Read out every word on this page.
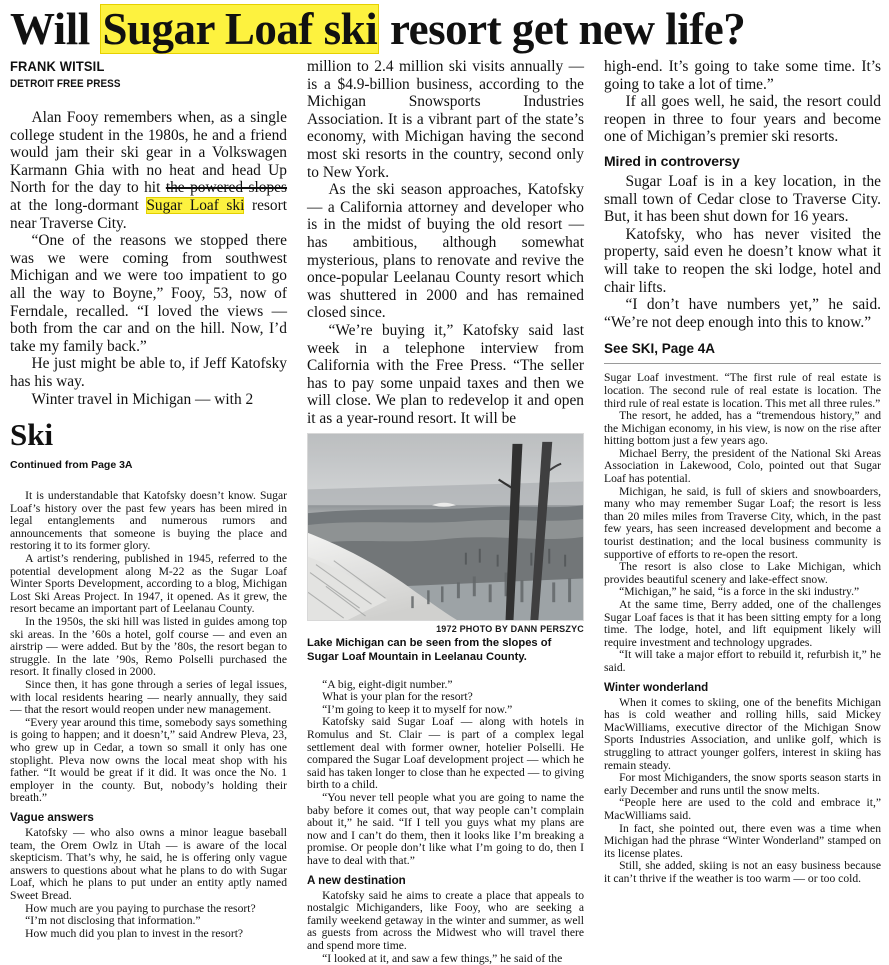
Will Sugar Loaf ski resort get new life?
FRANK WITSIL
DETROIT FREE PRESS

Alan Fooy remembers when, as a single college student in the 1980s, he and a friend would jam their ski gear in a Volkswagen Karmann Ghia with no heat and head Up North for the day to hit the powered slopes at the long-dormant Sugar Loaf ski resort near Traverse City.

“One of the reasons we stopped there was we were coming from southwest Michigan and we were too impatient to go all the way to Boyne,” Fooy, 53, now of Ferndale, recalled. “I loved the views — both from the car and on the hill. Now, I’d take my family back.”

He just might be able to, if Jeff Katofsky has his way.

Winter travel in Michigan — with 2

Ski
Continued from Page 3A

It is understandable that Katofsky doesn’t know. Sugar Loaf’s history over the past few years has been mired in legal entanglements and numerous rumors and announcements that someone is buying the place and restoring it to its former glory.

A artist’s rendering, published in 1945, referred to the potential development along M-22 as the Sugar Loaf Winter Sports Development, according to a blog, Michigan Lost Ski Areas Project. In 1947, it opened. As it grew, the resort became an important part of Leelanau County.

In the 1950s, the ski hill was listed in guides among top ski areas. In the ’60s a hotel, golf course — and even an airstrip — were added. But by the ’80s, the resort began to struggle. In the late ’90s, Remo Polselli purchased the resort. It finally closed in 2000.

Since then, it has gone through a series of legal issues, with local residents hearing — nearly annually, they said — that the resort would reopen under new management.

“Every year around this time, somebody says something is going to happen; and it doesn’t,” said Andrew Pleva, 23, who grew up in Cedar, a town so small it only has one stoplight. Pleva now owns the local meat shop with his father. “It would be great if it did. It was once the No. 1 employer in the county. But, nobody’s holding their breath.”

Vague answers

Katofsky — who also owns a minor league baseball team, the Orem Owlz in Utah — is aware of the local skepticism. That’s why, he said, he is offering only vague answers to questions about what he plans to do with Sugar Loaf, which he plans to put under an entity aptly named Sweet Bread.

How much are you paying to purchase the resort?

“I’m not disclosing that information.”

How much did you plan to invest in the resort?

million to 2.4 million ski visits annually — is a $4.9-billion business, according to the Michigan Snowsports Industries Association. It is a vibrant part of the state’s economy, with Michigan having the second most ski resorts in the country, second only to New York.

As the ski season approaches, Katofsky — a California attorney and developer who is in the midst of buying the old resort — has ambitious, although somewhat mysterious, plans to renovate and revive the once-popular Leelanau County resort which was shuttered in 2000 and has remained closed since.

“We’re buying it,” Katofsky said last week in a telephone interview from California with the Free Press. “The seller has to pay some unpaid taxes and then we will close. We plan to redevelop it and open it as a year-round resort. It will be

1972 PHOTO BY DANN PERSZYC
Lake Michigan can be seen from the slopes of Sugar Loaf Mountain in Leelanau County.

“A big, eight-digit number.”

What is your plan for the resort?

“I’m going to keep it to myself for now.”

Katofsky said Sugar Loaf — along with hotels in Romulus and St. Clair — is part of a complex legal settlement deal with former owner, hotelier Polselli. He compared the Sugar Loaf development project — which he said has taken longer to close than he expected — to giving birth to a child.

“You never tell people what you are going to name the baby before it comes out, that way people can’t complain about it,” he said. “If I tell you guys what my plans are now and I can’t do them, then it looks like I’m breaking a promise. Or people don’t like what I’m going to do, then I have to deal with that.”

A new destination

Katofsky said he aims to create a place that appeals to nostalgic Michiganders, like Fooy, who are seeking a family weekend getaway in the winter and summer, as well as guests from across the Midwest who will travel there and spend more time.

“I looked at it, and saw a few things,” he said of the

high-end. It’s going to take some time. It’s going to take a lot of time.”

If all goes well, he said, the resort could reopen in three to four years and become one of Michigan’s premier ski resorts.

Mired in controversy

Sugar Loaf is in a key location, in the small town of Cedar close to Traverse City. But, it has been shut down for 16 years.

Katofsky, who has never visited the property, said even he doesn’t know what it will take to reopen the ski lodge, hotel and chair lifts.

“I don’t have numbers yet,” he said. “We’re not deep enough into this to know.”

See SKI, Page 4A

Sugar Loaf investment. “The first rule of real estate is location. The second rule of real estate is location. The third rule of real estate is location. This met all three rules.”

The resort, he added, has a “tremendous history,” and the Michigan economy, in his view, is now on the rise after hitting bottom just a few years ago.

Michael Berry, the president of the National Ski Areas Association in Lakewood, Colo, pointed out that Sugar Loaf has potential.

Michigan, he said, is full of skiers and snowboarders, many who may remember Sugar Loaf; the resort is less than 20 miles miles from Traverse City, which, in the past few years, has seen increased development and become a tourist destination; and the local business community is supportive of efforts to re-open the resort.

The resort is also close to Lake Michigan, which provides beautiful scenery and lake-effect snow.

“Michigan,” he said, “is a force in the ski industry.”

At the same time, Berry added, one of the challenges Sugar Loaf faces is that it has been sitting empty for a long time. The lodge, hotel, and lift equipment likely will require investment and technology upgrades.

“It will take a major effort to rebuild it, refurbish it,” he said.

Winter wonderland

When it comes to skiing, one of the benefits Michigan has is cold weather and rolling hills, said Mickey MacWilliams, executive director of the Michigan Snow Sports Industries Association, and unlike golf, which is struggling to attract younger golfers, interest in skiing has remain steady.

For most Michiganders, the snow sports season starts in early December and runs until the snow melts.

“People here are used to the cold and embrace it,” MacWilliams said.

In fact, she pointed out, there even was a time when Michigan had the phrase “Winter Wonderland” stamped on its license plates.

Still, she added, skiing is not an easy business because it can’t thrive if the weather is too warm — or too cold.
